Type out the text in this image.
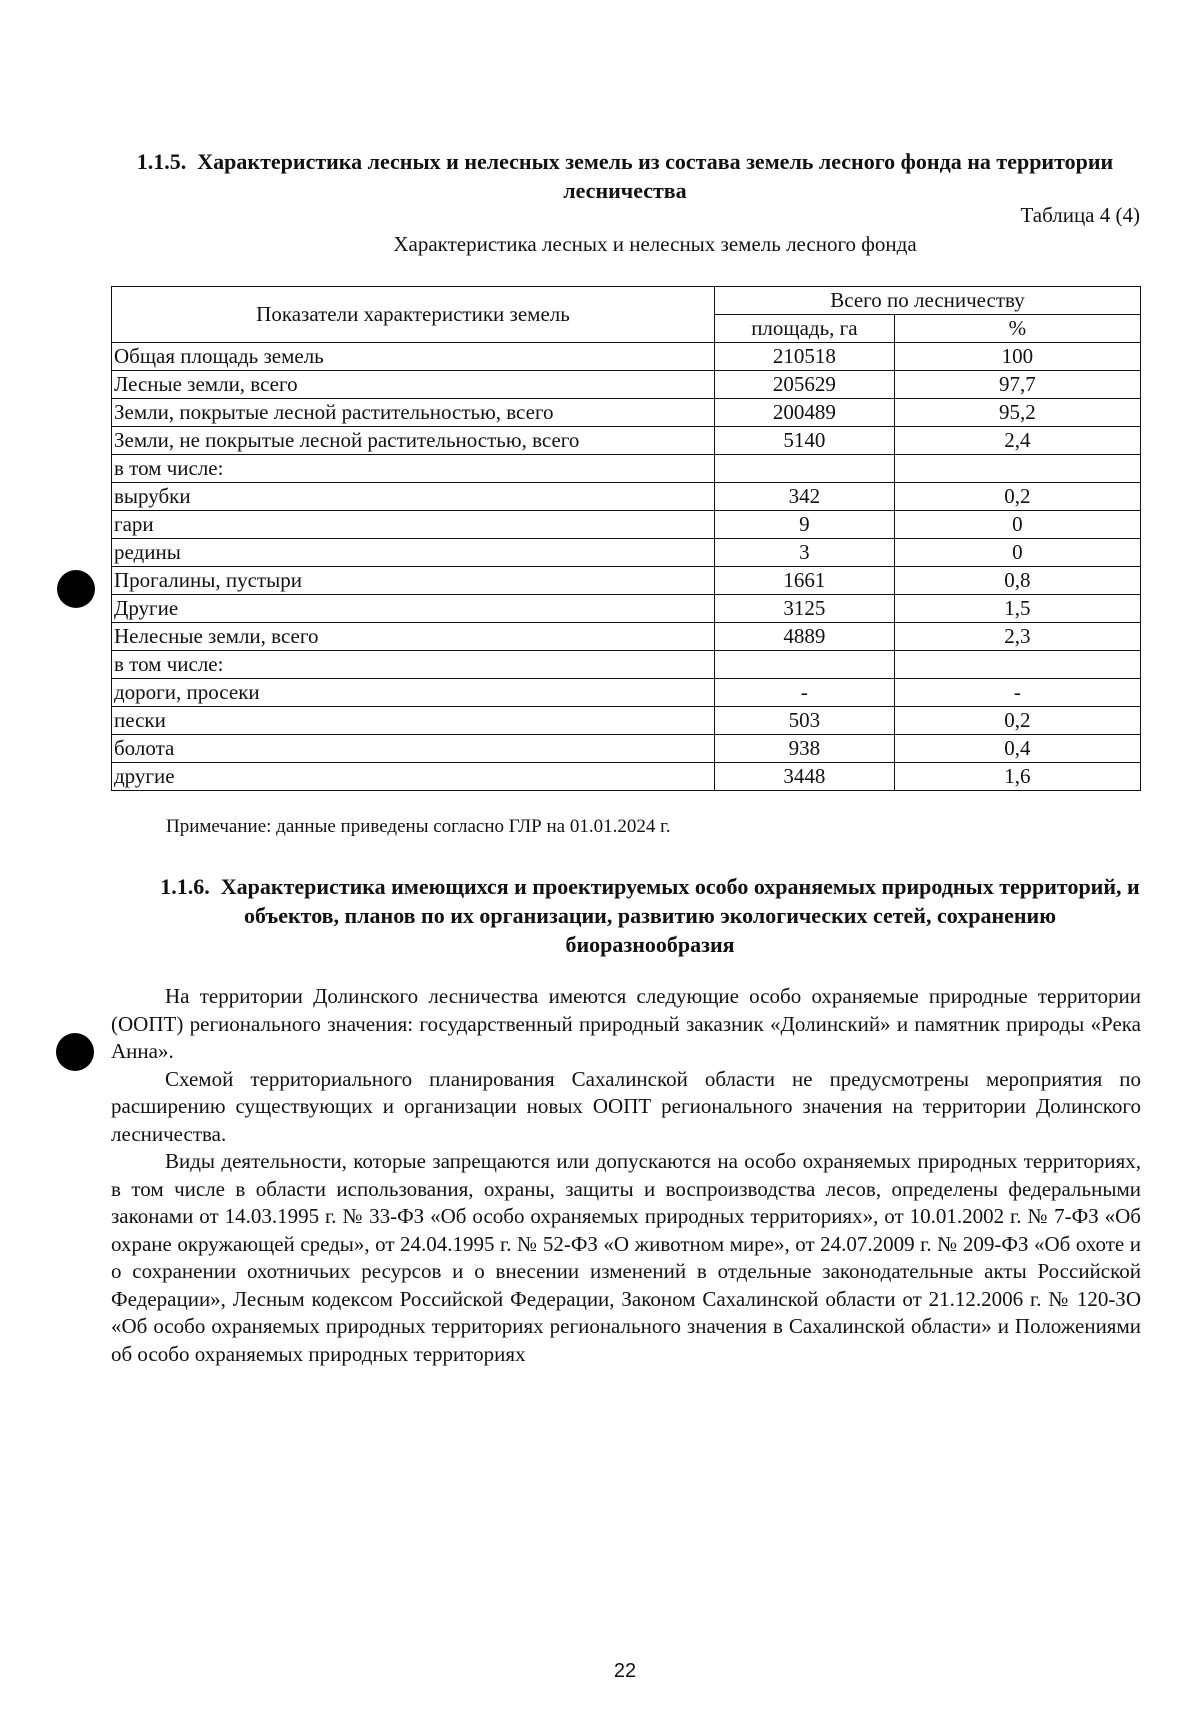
1.1.5. Характеристика лесных и нелесных земель из состава земель лесного фонда на территории лесничества
Таблица 4 (4)
Характеристика лесных и нелесных земель лесного фонда
Показатели характеристики земель	Всего по лесничеству	
	площадь, га	%
Общая площадь земель	210518	100
Лесные земли, всего	205629	97,7
Земли, покрытые лесной растительностью, всего	200489	95,2
Земли, не покрытые лесной растительностью, всего	5140	2,4
в том числе:		
вырубки	342	0,2
гари	9	0
редины	3	0
Прогалины, пустыри	1661	0,8
Другие	3125	1,5
Нелесные земли, всего	4889	2,3
в том числе:		
дороги, просеки	-	-
пески	503	0,2
болота	938	0,4
другие	3448	1,6
Примечание: данные приведены согласно ГЛР на 01.01.2024 г.
1.1.6. Характеристика имеющихся и проектируемых особо охраняемых природных территорий, и объектов, планов по их организации, развитию экологических сетей, сохранению биоразнообразия

На территории Долинского лесничества имеются следующие особо охраняемые природные территории (ООПТ) регионального значения: государственный природный заказник «Долинский» и памятник природы «Река Анна».

Схемой территориального планирования Сахалинской области не предусмотрены мероприятия по расширению существующих и организации новых ООПТ регионального значения на территории Долинского лесничества.

Виды деятельности, которые запрещаются или допускаются на особо охраняемых природных территориях, в том числе в области использования, охраны, защиты и воспроизводства лесов, определены федеральными законами от 14.03.1995 г. № 33-ФЗ «Об особо охраняемых природных территориях», от 10.01.2002 г. № 7-ФЗ «Об охране окружающей среды», от 24.04.1995 г. № 52-ФЗ «О животном мире», от 24.07.2009 г. № 209-ФЗ «Об охоте и о сохранении охотничьих ресурсов и о внесении изменений в отдельные законодательные акты Российской Федерации», Лесным кодексом Российской Федерации, Законом Сахалинской области от 21.12.2006 г. № 120-ЗО «Об особо охраняемых природных территориях регионального значения в Сахалинской области» и Положениями об особо охраняемых природных территориях

22
